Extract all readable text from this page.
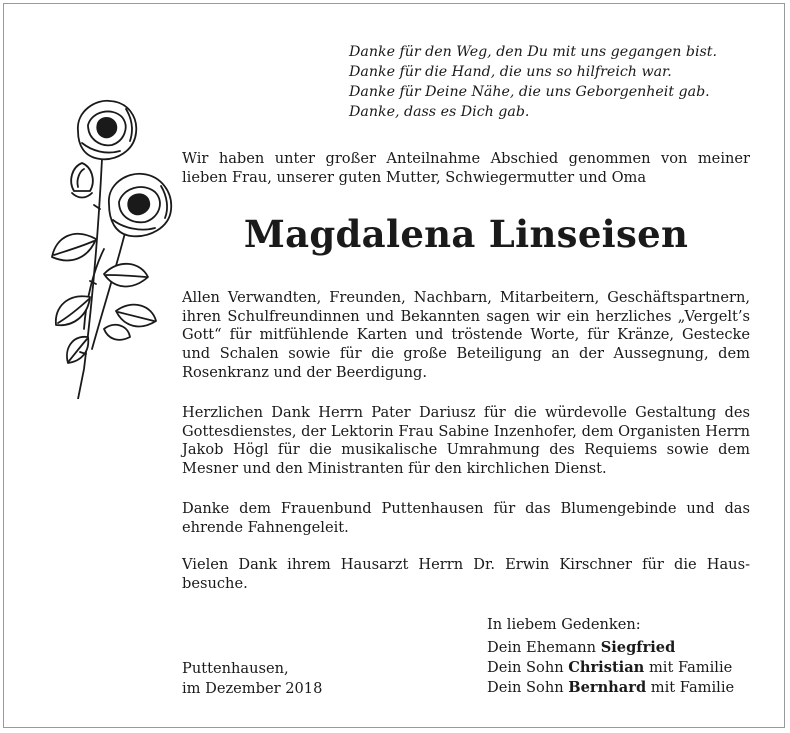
Danke für den Weg, den Du mit uns gegangen bist.
Danke für die Hand, die uns so hilfreich war.
Danke für Deine Nähe, die uns Geborgenheit gab.
Danke, dass es Dich gab.
Wir haben unter großer Anteilnahme Abschied genommen von meiner lieben Frau, unserer guten Mutter, Schwiegermutter und Oma
Magdalena Linseisen
Allen Verwandten, Freunden, Nachbarn, Mitarbeitern, Geschäftspartnern, ihren Schulfreundinnen und Bekannten sagen wir ein herzliches „Vergelt’s Gott“ für mitfühlende Karten und tröstende Worte, für Kränze, Gestecke und Schalen sowie für die große Beteiligung an der Aussegnung, dem Rosenkranz und der Beerdigung.
Herzlichen Dank Herrn Pater Dariusz für die würdevolle Gestaltung des Gottesdienstes, der Lektorin Frau Sabine Inzenhofer, dem Organisten Herrn Jakob Högl für die musikalische Umrahmung des Requiems sowie dem Mesner und den Ministranten für den kirchlichen Dienst.
Danke dem Frauenbund Puttenhausen für das Blumengebinde und das ehrende Fahnengeleit.
Vielen Dank ihrem Hausarzt Herrn Dr. Erwin Kirschner für die Hausbesuche.
In liebem Gedenken:
Dein Ehemann Siegfried
Dein Sohn Christian mit Familie
Dein Sohn Bernhard mit Familie
Puttenhausen,
im Dezember 2018
